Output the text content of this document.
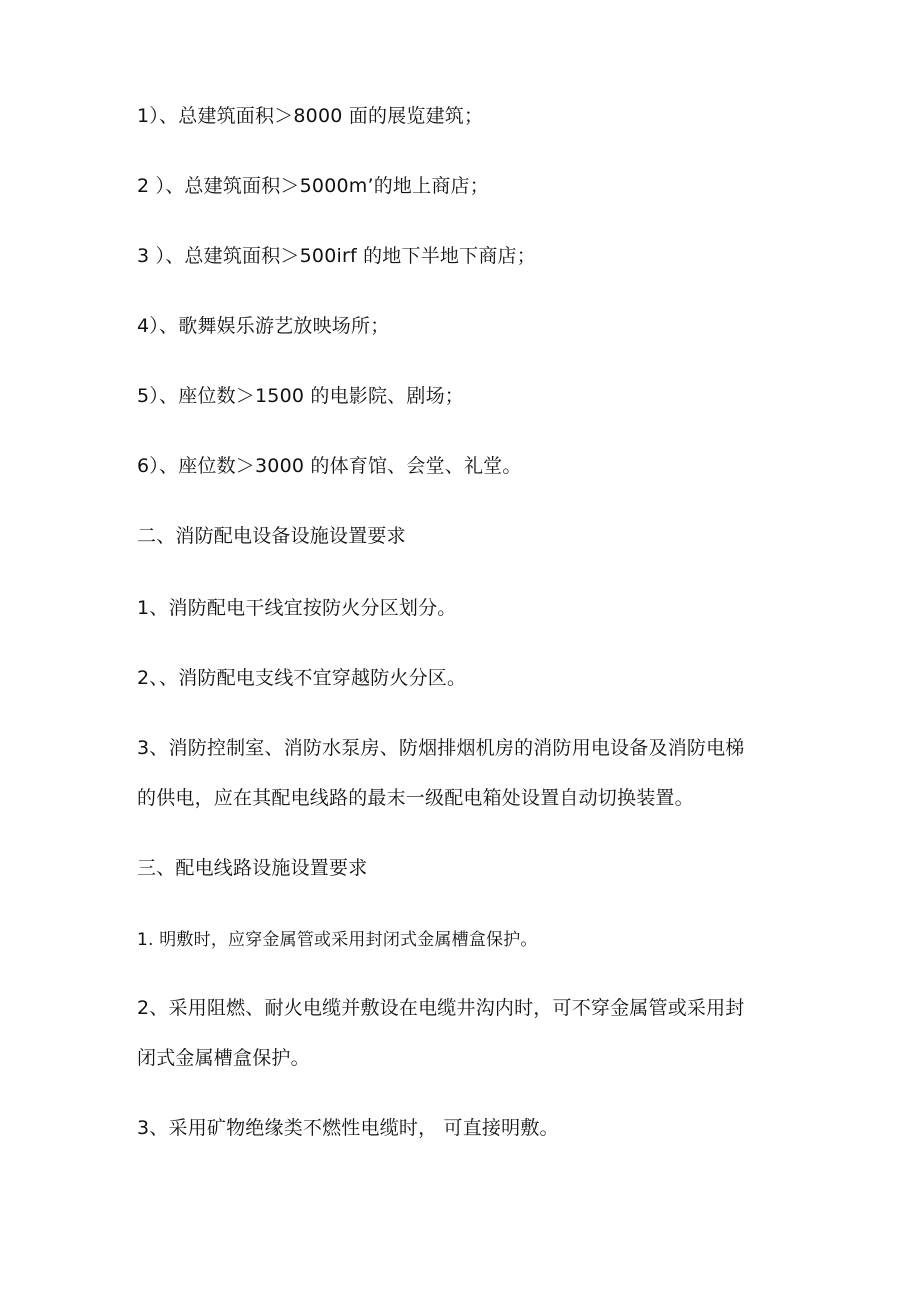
1）、总建筑面积＞8000 面的展览建筑；
2 ）、总建筑面积＞5000m’的地上商店；
3 ）、总建筑面积＞500irf 的地下半地下商店；
4）、歌舞娱乐游艺放映场所；
5）、座位数＞1500 的电影院、剧场；
6）、座位数＞3000 的体育馆、会堂、礼堂。
二、消防配电设备设施设置要求
1、消防配电干线宜按防火分区划分。
2、、消防配电支线不宜穿越防火分区。
3、消防控制室、消防水泵房、防烟排烟机房的消防用电设备及消防电梯
的供电，应在其配电线路的最末一级配电箱处设置自动切换装置。
三、配电线路设施设置要求
1. 明敷时，应穿金属管或采用封闭式金属槽盒保护。
2、采用阻燃、耐火电缆并敷设在电缆井沟内时，可不穿金属管或采用封
闭式金属槽盒保护。
3、采用矿物绝缘类不燃性电缆时， 可直接明敷。
